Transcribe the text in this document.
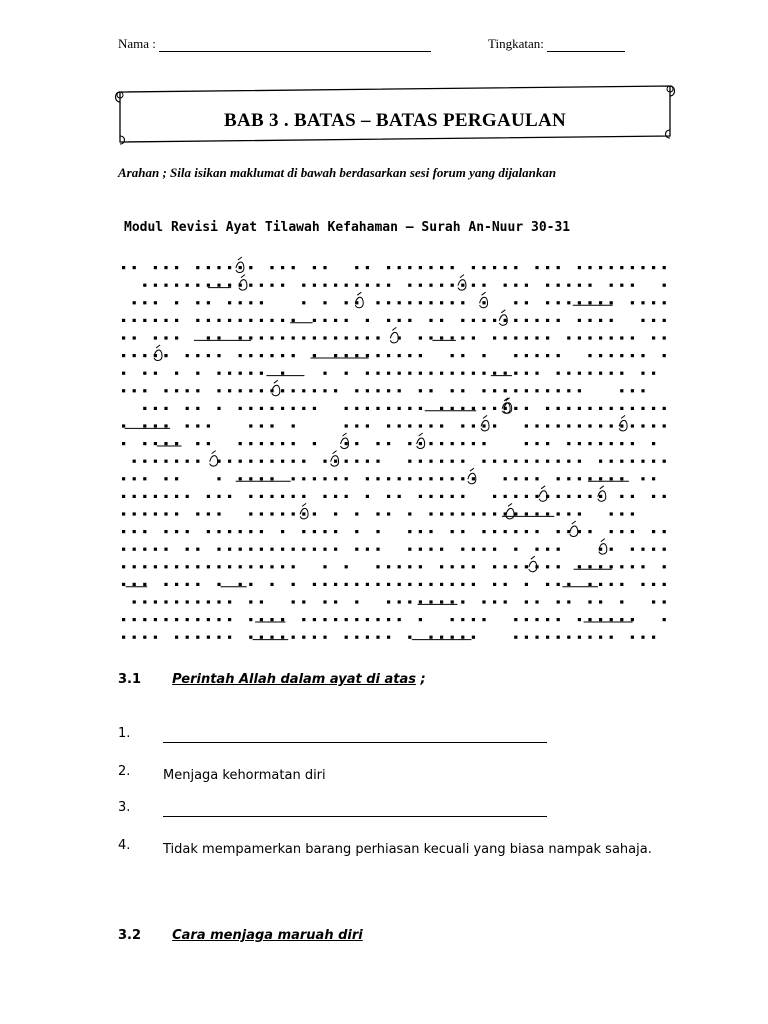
Nama :	Tingkatan:
BAB 3 . BATAS – BATAS PERGAULAN
Arahan ; Sila isikan maklumat di bawah berdasarkan sesi forum yang dijalankan
Modul Revisi Ayat Tilawah Kefahaman – Surah An-Nuur 30-31
3.1 Perintah Allah dalam ayat di atas ;
1.
2.	Menjaga kehormatan diri
3.
4.	Tidak mempamerkan barang perhiasan kecuali yang biasa nampak sahaja.
3.2 Cara menjaga maruah diri
